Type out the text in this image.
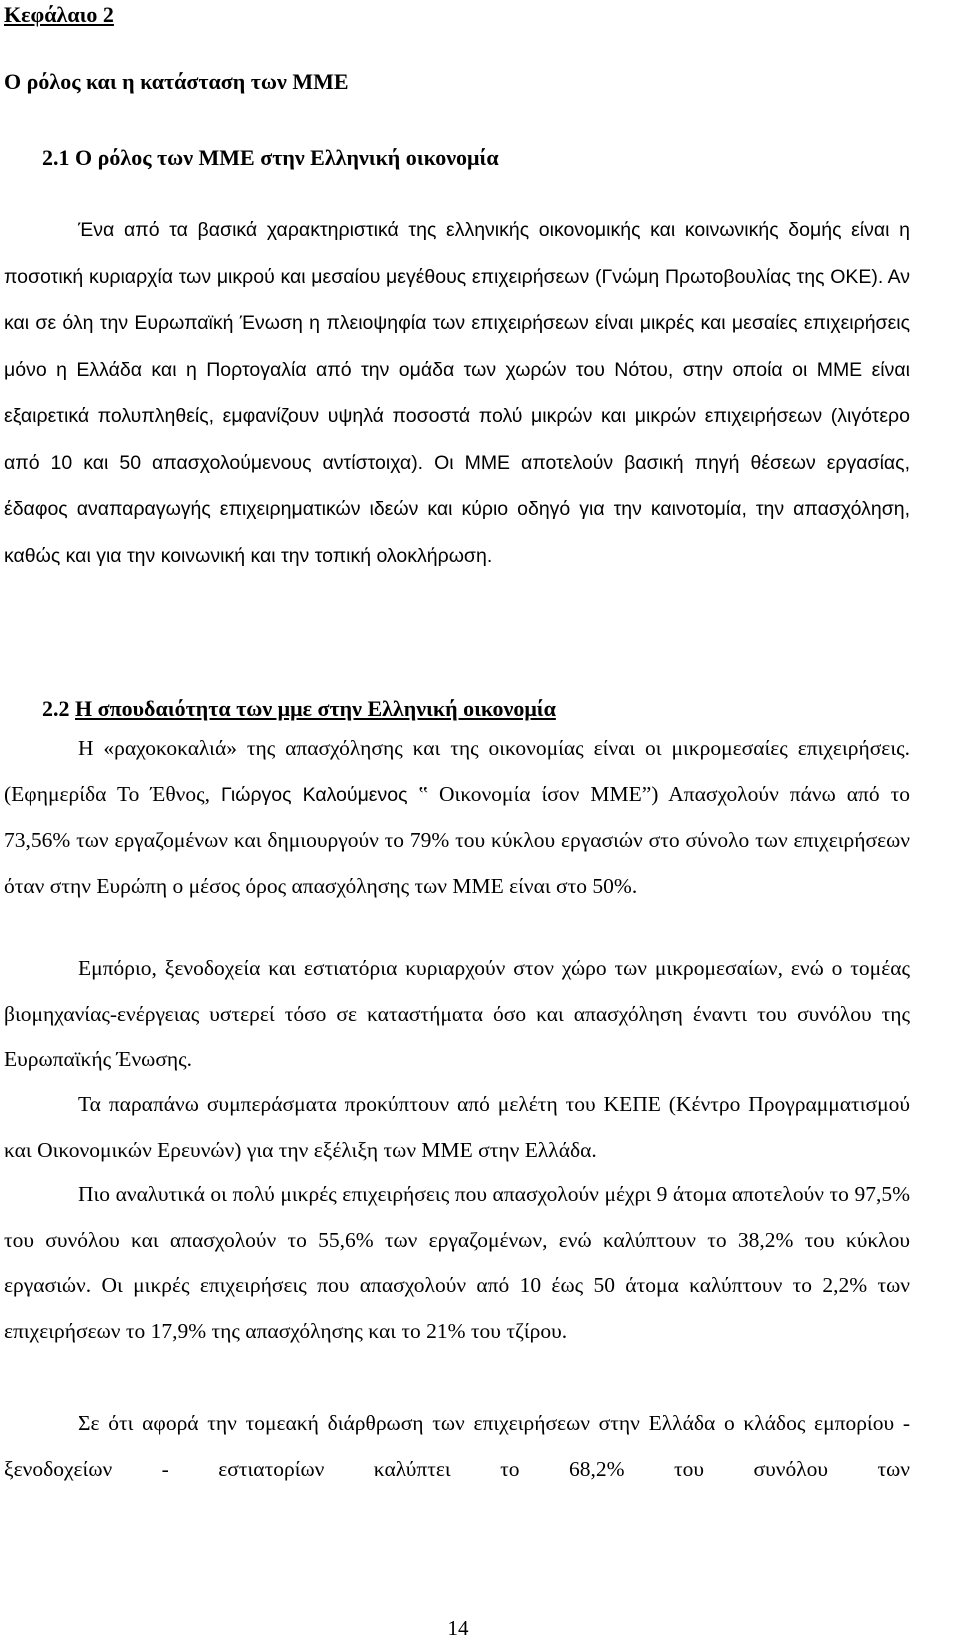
Κεφάλαιο 2
Ο ρόλος και η κατάσταση των ΜΜΕ
2.1 Ο ρόλος των ΜΜΕ στην Ελληνική οικονομία

Ένα από τα βασικά χαρακτηριστικά της ελληνικής οικονομικής και κοινωνικής δομής είναι η ποσοτική κυριαρχία των μικρού και μεσαίου μεγέθους επιχειρήσεων (Γνώμη Πρωτοβουλίας της ΟΚΕ). Αν και σε όλη την Ευρωπαϊκή Ένωση η πλειοψηφία των επιχειρήσεων είναι μικρές και μεσαίες επιχειρήσεις μόνο η Ελλάδα και η Πορτογαλία από την ομάδα των χωρών του Νότου, στην οποία οι ΜΜΕ είναι εξαιρετικά πολυπληθείς, εμφανίζουν υψηλά ποσοστά πολύ μικρών και μικρών επιχειρήσεων (λιγότερο από 10 και 50 απασχολούμενους αντίστοιχα). Οι ΜΜΕ αποτελούν βασική πηγή θέσεων εργασίας, έδαφος αναπαραγωγής επιχειρηματικών ιδεών και κύριο οδηγό για την καινοτομία, την απασχόληση, καθώς και για την κοινωνική και την τοπική ολοκλήρωση.

2.2 Η σπουδαιότητα των μμε στην Ελληνική οικονομία

Η «ραχοκοκαλιά» της απασχόλησης και της οικονομίας είναι οι μικρομεσαίες επιχειρήσεις.(Εφημερίδα Το Έθνος, Γιώργος Καλούμενος ‟ Οικονομία ίσον ΜΜΕ”) Απασχολούν πάνω από το 73,56% των εργαζομένων και δημιουργούν το 79% του κύκλου εργασιών στο σύνολο των επιχειρήσεων όταν στην Ευρώπη ο μέσος όρος απασχόλησης των ΜΜΕ είναι στο 50%.

Εμπόριο, ξενοδοχεία και εστιατόρια κυριαρχούν στον χώρο των μικρομεσαίων, ενώ ο τομέας βιομηχανίας-ενέργειας υστερεί τόσο σε καταστήματα όσο και απασχόληση έναντι του συνόλου της Ευρωπαϊκής Ένωσης.

Τα παραπάνω συμπεράσματα προκύπτουν από μελέτη του ΚΕΠΕ (Κέντρο Προγραμματισμού και Οικονομικών Ερευνών) για την εξέλιξη των ΜΜΕ στην Ελλάδα.

Πιο αναλυτικά οι πολύ μικρές επιχειρήσεις που απασχολούν μέχρι 9 άτομα αποτελούν το 97,5% του συνόλου και απασχολούν το 55,6% των εργαζομένων, ενώ καλύπτουν το 38,2% του κύκλου εργασιών. Οι μικρές επιχειρήσεις που απασχολούν από 10 έως 50 άτομα καλύπτουν το 2,2% των επιχειρήσεων το 17,9% της απασχόλησης και το 21% του τζίρου.

Σε ότι αφορά την τομεακή διάρθρωση των επιχειρήσεων στην Ελλάδα ο κλάδος εμπορίου - ξενοδοχείων - εστιατορίων καλύπτει το 68,2% του συνόλου των

14
